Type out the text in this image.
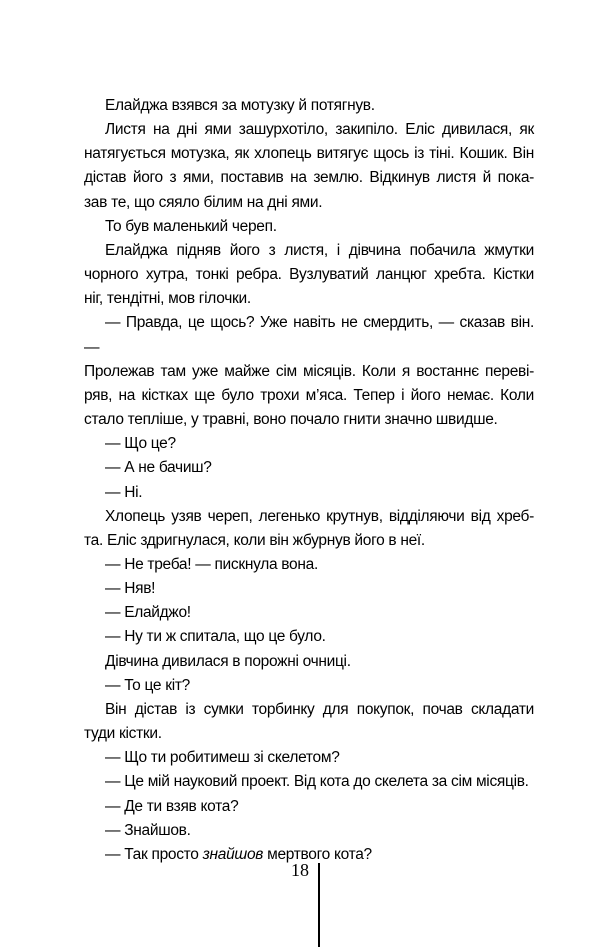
Елайджа взявся за мотузку й потягнув.
Листя на дні ями зашурхотіло, закипіло. Еліс дивилася, як
натягується мотузка, як хлопець витягує щось із тіні. Кошик. Він
дістав його з ями, поставив на землю. Відкинув листя й пока-
зав те, що сяяло білим на дні ями.
То був маленький череп.
Елайджа підняв його з листя, і дівчина побачила жмутки
чорного хутра, тонкі ребра. Вузлуватий ланцюг хребта. Кістки
ніг, тендітні, мов гілочки.
— Правда, це щось? Уже навіть не смердить, — сказав він. —
Пролежав там уже майже сім місяців. Коли я востаннє переві-
ряв, на кістках ще було трохи м’яса. Тепер і його немає. Коли
стало тепліше, у травні, воно почало гнити значно швидше.
— Що це?
— А не бачиш?
— Ні.
Хлопець узяв череп, легенько крутнув, відділяючи від хреб-
та. Еліс здригнулася, коли він жбурнув його в неї.
— Не треба! — пискнула вона.
— Няв!
— Елайджо!
— Ну ти ж спитала, що це було.
Дівчина дивилася в порожні очниці.
— То це кіт?
Він дістав із сумки торбинку для покупок, почав складати
туди кістки.
— Що ти робитимеш зі скелетом?
— Це мій науковий проект. Від кота до скелета за сім місяців.
— Де ти взяв кота?
— Знайшов.
— Так просто знайшов мертвого кота?
18
